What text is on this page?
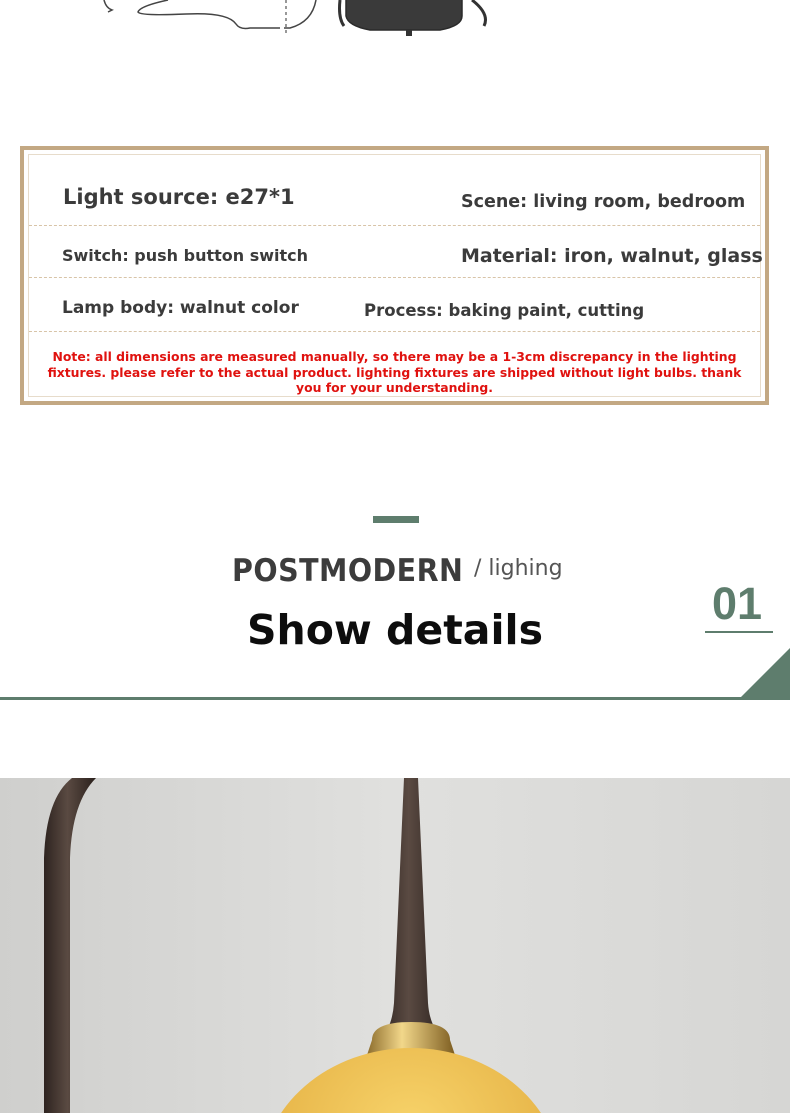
Light source: e27*1	Scene: living room, bedroom
Switch: push button switch	Material: iron, walnut, glass
Lamp body: walnut color	Process: baking paint, cutting
Note: all dimensions are measured manually, so there may be a 1-3cm discrepancy in the lighting fixtures. please refer to the actual product. lighting fixtures are shipped without light bulbs. thank you for your understanding.
POSTMODERN / lighing
Show details
01
